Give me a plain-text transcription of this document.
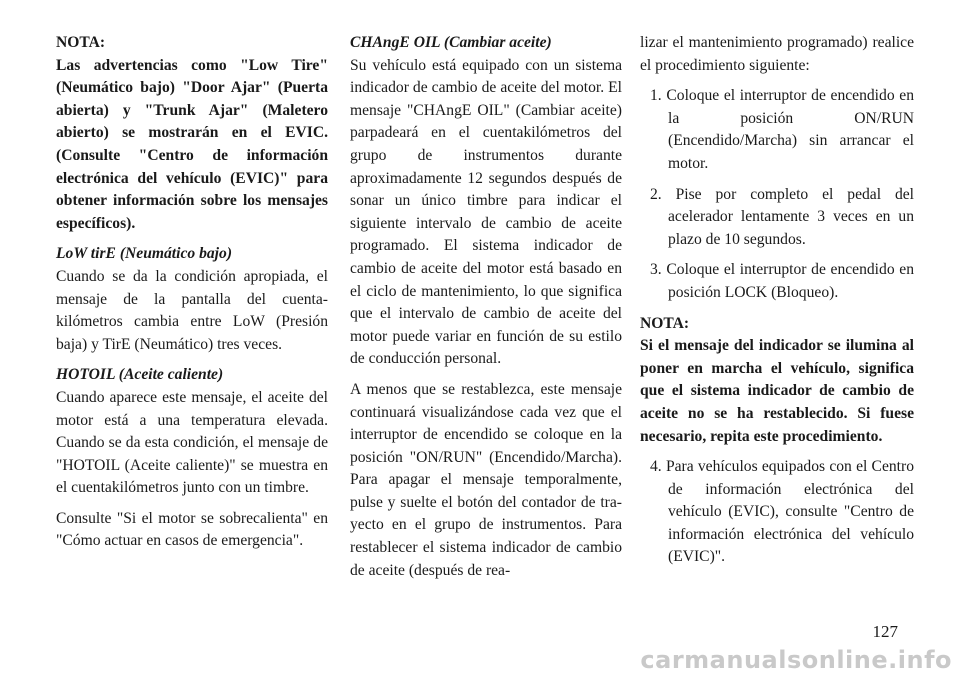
NOTA:

Las advertencias como "Low Tire" (Neumático bajo) "Door Ajar" (Puerta abierta) y "Trunk Ajar" (Maletero abierto) se mostrarán en el EVIC. (Consulte "Centro de información electrónica del vehículo (EVIC)" para obtener información sobre los mensajes específicos).

LoW tirE (Neumático bajo)

Cuando se da la condición apropiada, el mensaje de la pantalla del cuentakilómetros cambia entre LoW (Presión baja) y TirE (Neumático) tres veces.

HOTOIL (Aceite caliente)

Cuando aparece este mensaje, el aceite del motor está a una temperatura elevada. Cuando se da esta condición, el mensaje de "HOTOIL (Aceite caliente)" se muestra en el cuentakilómetros junto con un timbre.

Consulte "Si el motor se sobrecalienta" en "Cómo actuar en casos de emergencia".

CHAngE OIL (Cambiar aceite)

Su vehículo está equipado con un sistema indicador de cambio de aceite del motor. El mensaje "CHAngE OIL" (Cambiar aceite) parpadeará en el cuentakilómetros del grupo de instrumentos durante aproximadamente 12 segundos después de sonar un único timbre para indicar el siguiente intervalo de cambio de aceite programado. El sistema indicador de cambio de aceite del motor está basado en el ciclo de mantenimiento, lo que significa que el intervalo de cambio de aceite del motor puede variar en función de su estilo de conducción personal.

A menos que se restablezca, este mensaje continuará visualizándose cada vez que el interruptor de encendido se coloque en la posición "ON/RUN" (Encendido/Marcha). Para apagar el mensaje temporalmente, pulse y suelte el botón del contador de trayecto en el grupo de instrumentos. Para restablecer el sistema indicador de cambio de aceite (después de rea-

lizar el mantenimiento programado) realice el procedimiento siguiente:

1. Coloque el interruptor de encendido en la posición ON/RUN (Encendido/Marcha) sin arrancar el motor.

2. Pise por completo el pedal del acelerador lentamente 3 veces en un plazo de 10 segundos.

3. Coloque el interruptor de encendido en posición LOCK (Bloqueo).

NOTA:

Si el mensaje del indicador se ilumina al poner en marcha el vehículo, significa que el sistema indicador de cambio de aceite no se ha restablecido. Si fuese necesario, repita este procedimiento.

4. Para vehículos equipados con el Centro de información electrónica del vehículo (EVIC), consulte "Centro de información electrónica del vehículo (EVIC)".

127
carmanualsonline.info
